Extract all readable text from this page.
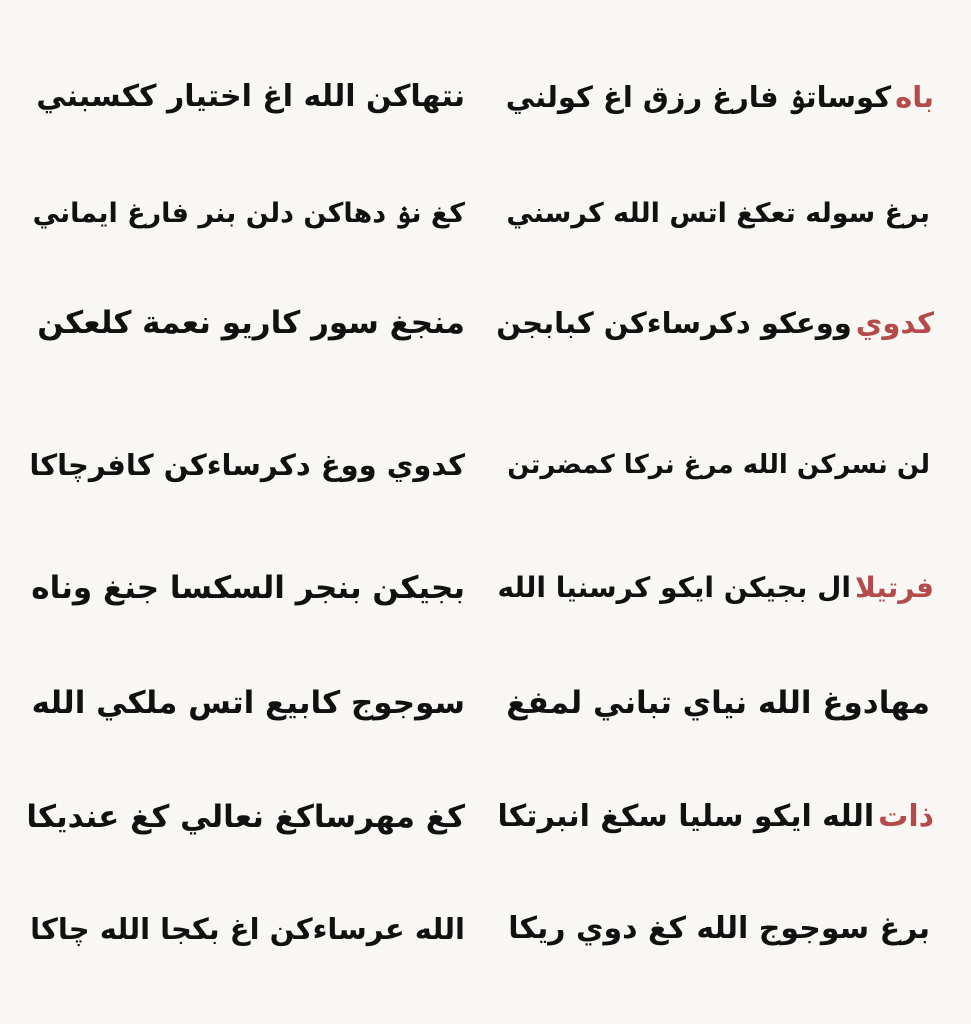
باه
کوساتۏ فارغ رزق اغ کولني
نتهاکن الله اغ اختيار ککسبني
برغ سوله تعکغ اتس الله کرسني
کغ نۏ دهاکن دلن بنر فارغ ايماني
کدوي
ووعکو دکرساءکن کبابجن
منجغ سور کاريو نعمة کلعکن
لن نسرکن الله مرغ نرکا کمضرتن
کدوي ووغ دکرساءکن کافرچاکا
فرتيلا
ال بجيکن ايکو کرسنيا الله
بجيکن بنجر السکسا جنغ وناه
مهادوغ الله نياي تباني لمفغ
سوجوج کابيع اتس ملکي الله
ذات
الله ايکو سليا سکغ انبرتکا
کغ مهرساکغ نعالي کغ عنديکا
برغ سوجوج الله کغ دوي ريکا
الله عرساءکن اغ بکجا الله چاکا
